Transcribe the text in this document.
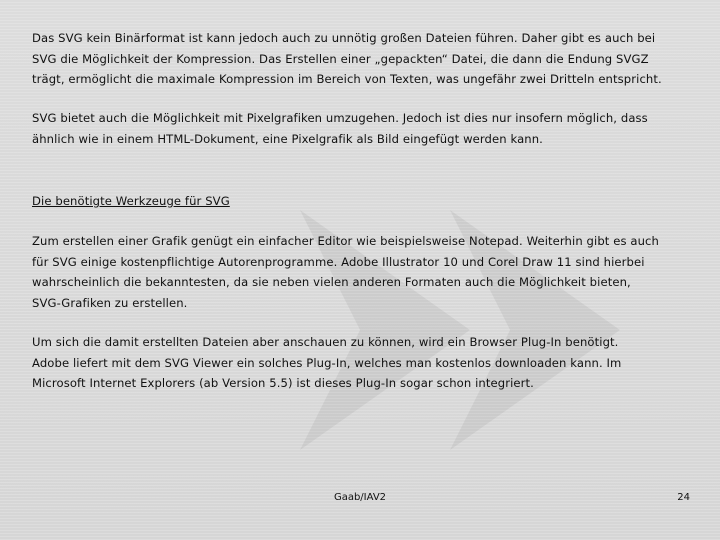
Das SVG kein Binärformat ist kann jedoch auch zu unnötig großen Dateien führen. Daher gibt es auch bei
SVG die Möglichkeit der Kompression. Das Erstellen einer „gepackten“ Datei, die dann die Endung SVGZ
trägt, ermöglicht die maximale Kompression im Bereich von Texten, was ungefähr zwei Dritteln entspricht.
SVG bietet auch die Möglichkeit mit Pixelgrafiken umzugehen. Jedoch ist dies nur insofern möglich, dass
ähnlich wie in einem HTML-Dokument, eine Pixelgrafik als Bild eingefügt werden kann.
Die benötigte Werkzeuge für SVG
Zum erstellen einer Grafik genügt ein einfacher Editor wie beispielsweise Notepad. Weiterhin gibt es auch
für SVG einige kostenpflichtige Autorenprogramme. Adobe Illustrator 10 und Corel Draw 11 sind hierbei
wahrscheinlich die bekanntesten, da sie neben vielen anderen Formaten auch die Möglichkeit bieten,
SVG-Grafiken zu erstellen.
Um sich die damit erstellten Dateien aber anschauen zu können, wird ein Browser Plug-In benötigt.
Adobe liefert mit dem SVG Viewer ein solches Plug-In, welches man kostenlos downloaden kann. Im
Microsoft Internet Explorers (ab Version 5.5) ist dieses Plug-In sogar schon integriert.
Gaab/IAV2	24
